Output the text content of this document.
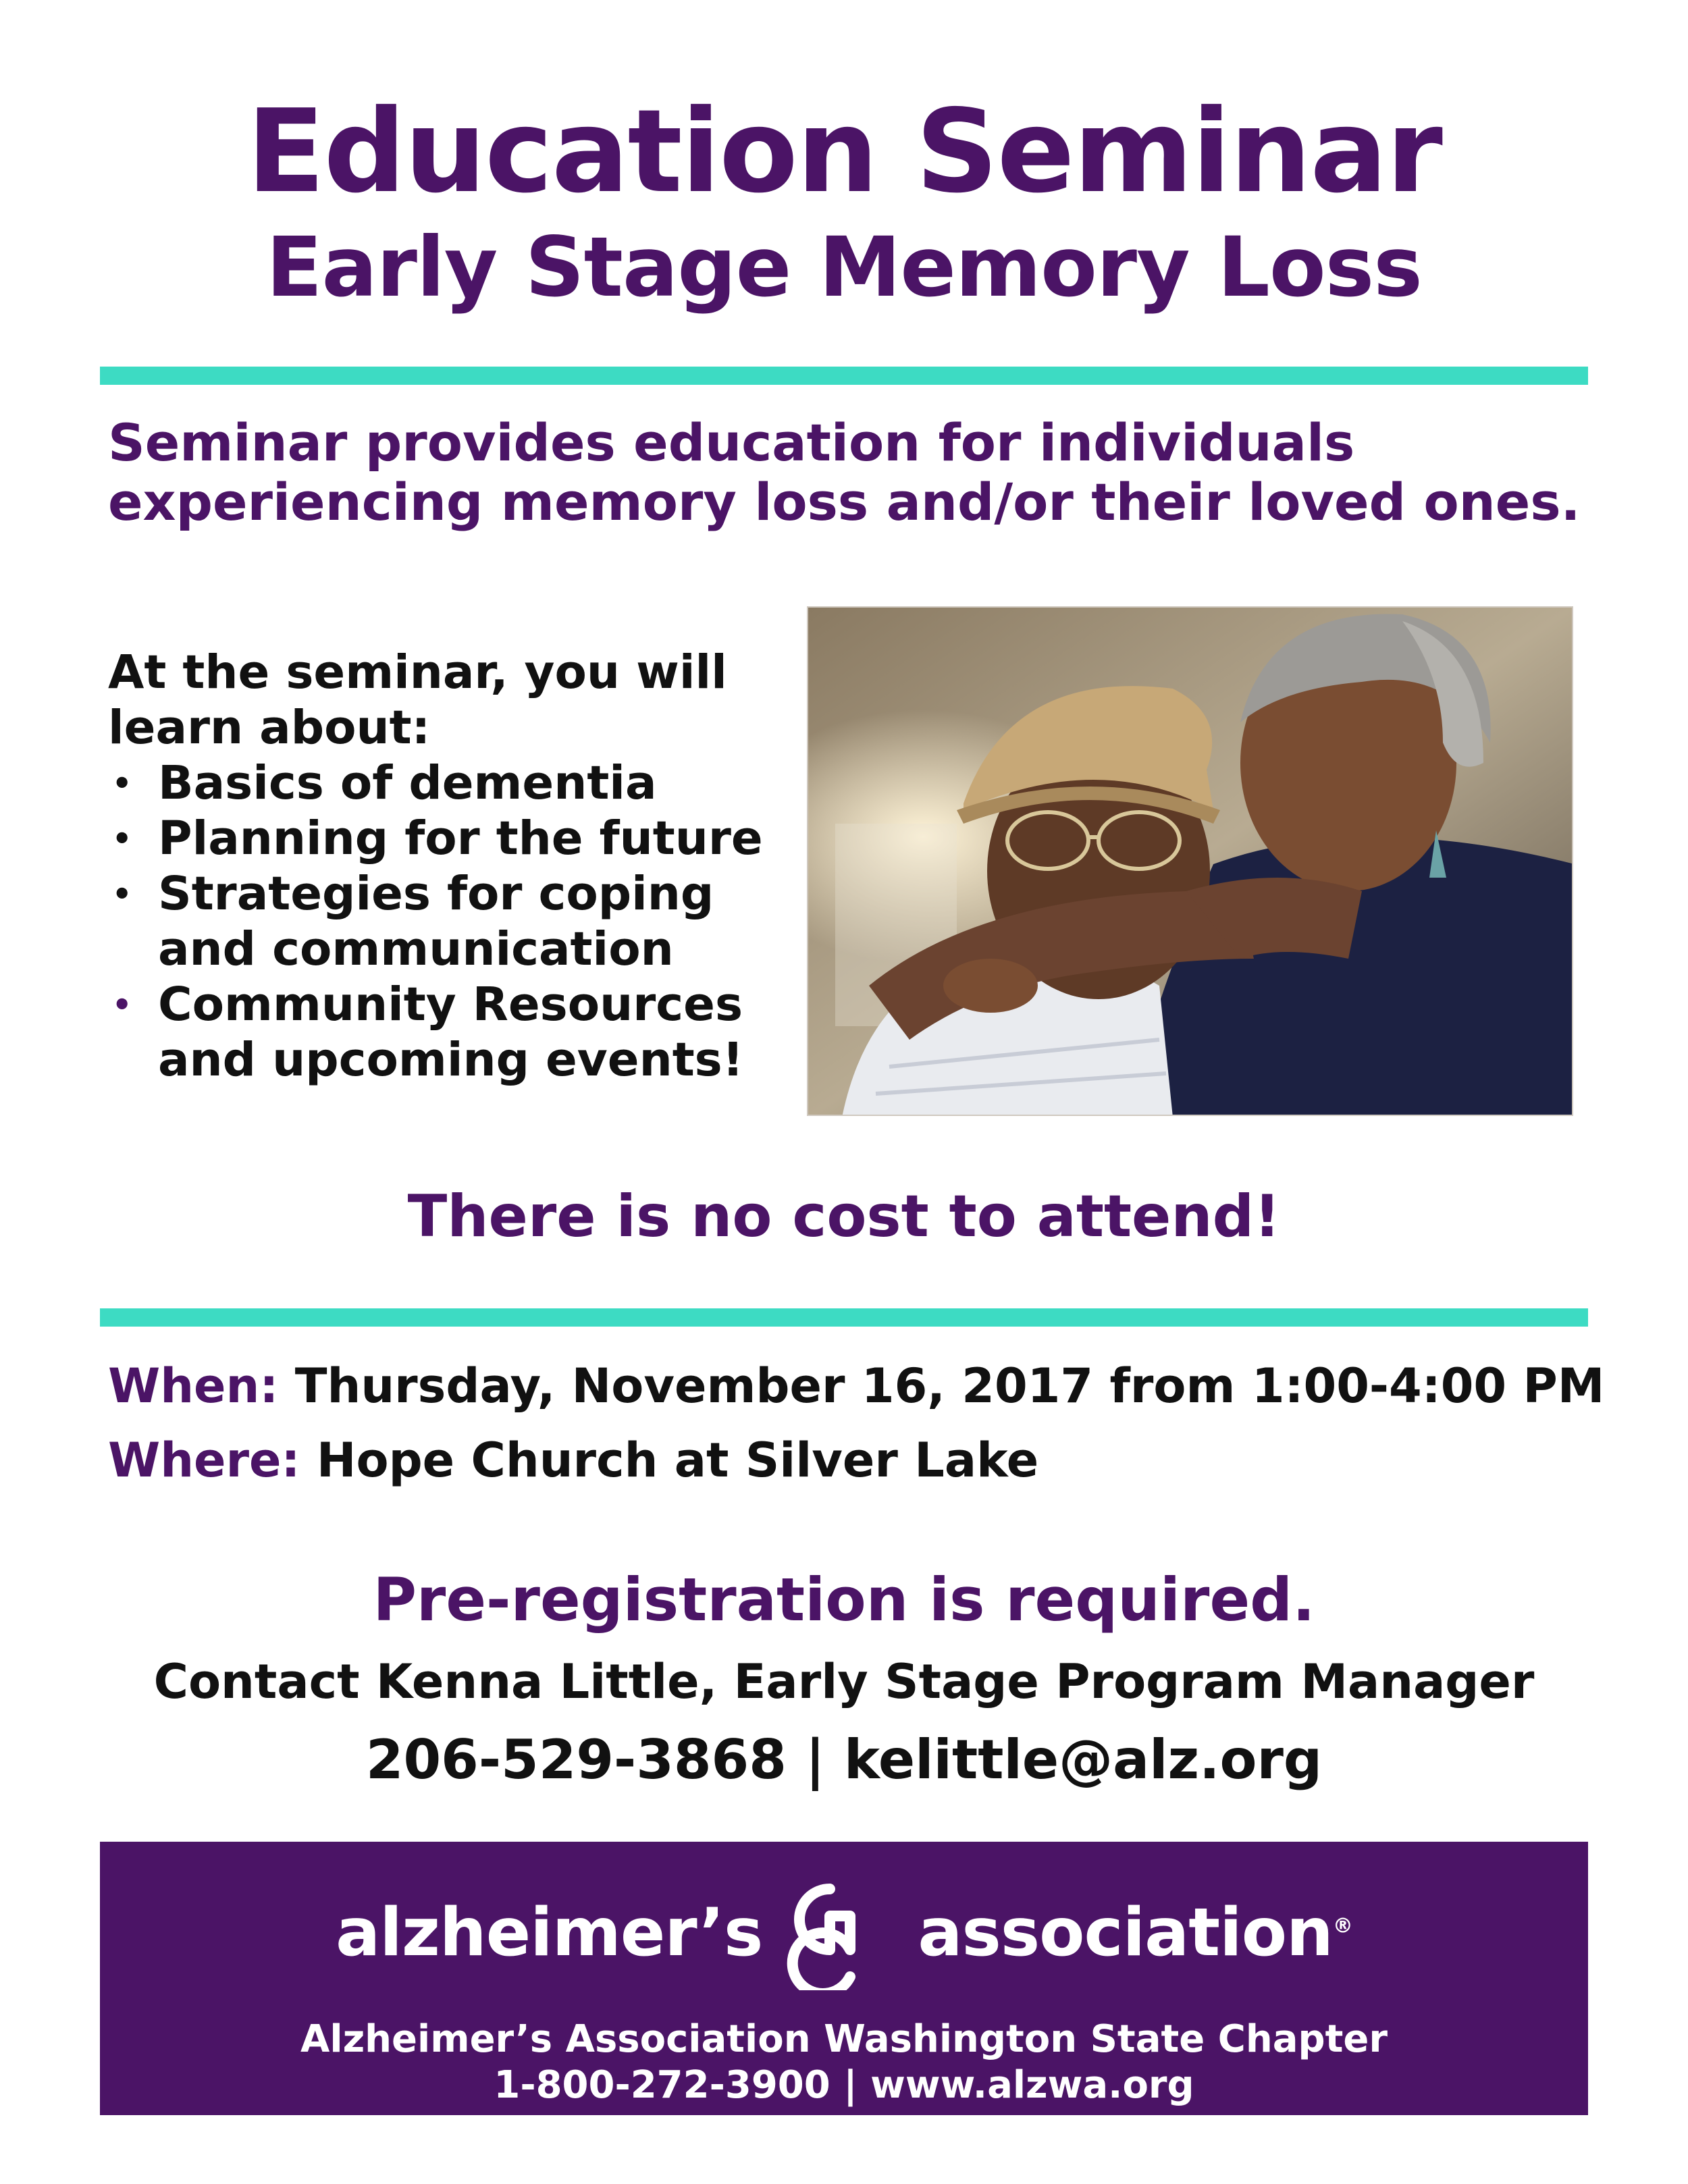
Education Seminar
Early Stage Memory Loss
Seminar provides education for individuals
experiencing memory loss and/or their loved ones.
At the seminar, you will
learn about:
• Basics of dementia
• Planning for the future
• Strategies for coping and communication
• Community Resources and upcoming events!
There is no cost to attend!
When: Thursday, November 16, 2017 from 1:00-4:00 PM
Where: Hope Church at Silver Lake
Pre-registration is required.
Contact Kenna Little, Early Stage Program Manager
206-529-3868 | kelittle@alz.org
alzheimer’s association®
Alzheimer’s Association Washington State Chapter
1-800-272-3900 | www.alzwa.org
